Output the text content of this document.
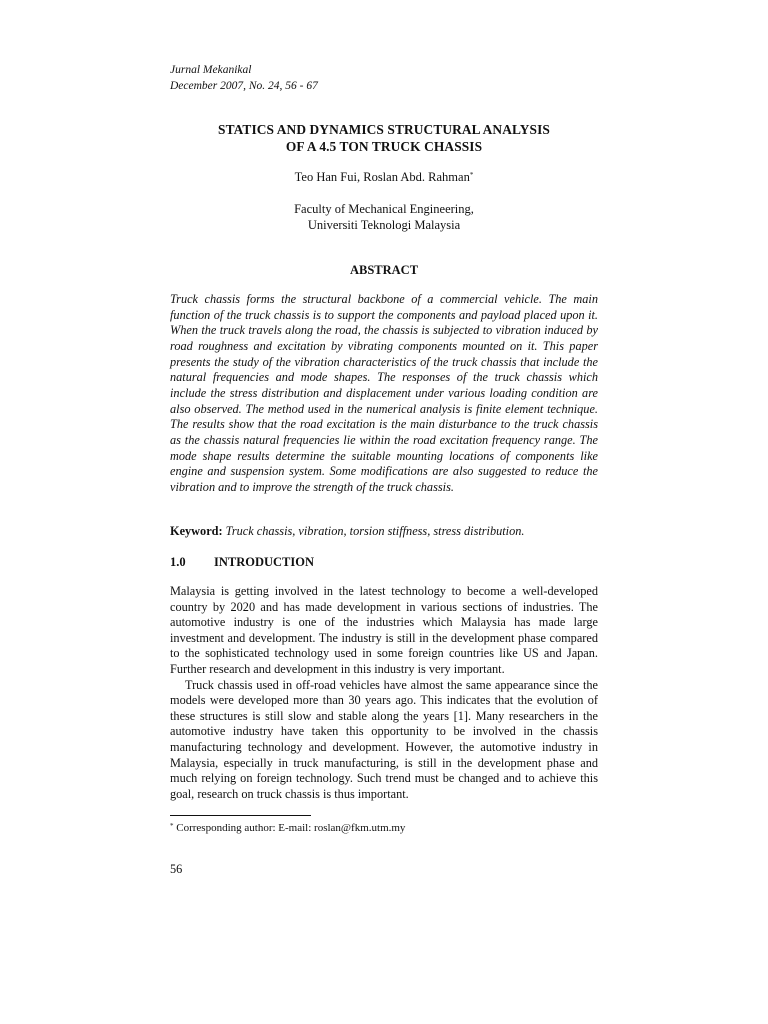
Jurnal Mekanikal
December 2007, No. 24, 56 - 67
STATICS AND DYNAMICS STRUCTURAL ANALYSIS
OF A 4.5 TON TRUCK CHASSIS
Teo Han Fui, Roslan Abd. Rahman*
Faculty of Mechanical Engineering,
Universiti Teknologi Malaysia
ABSTRACT

Truck chassis forms the structural backbone of a commercial vehicle. The main function of the truck chassis is to support the components and payload placed upon it. When the truck travels along the road, the chassis is subjected to vibration induced by road roughness and excitation by vibrating components mounted on it. This paper presents the study of the vibration characteristics of the truck chassis that include the natural frequencies and mode shapes. The responses of the truck chassis which include the stress distribution and displacement under various loading condition are also observed. The method used in the numerical analysis is finite element technique. The results show that the road excitation is the main disturbance to the truck chassis as the chassis natural frequencies lie within the road excitation frequency range. The mode shape results determine the suitable mounting locations of components like engine and suspension system. Some modifications are also suggested to reduce the vibration and to improve the strength of the truck chassis.

Keyword: Truck chassis, vibration, torsion stiffness, stress distribution.
1.0 INTRODUCTION

Malaysia is getting involved in the latest technology to become a well-developed country by 2020 and has made development in various sections of industries. The automotive industry is one of the industries which Malaysia has made large investment and development. The industry is still in the development phase compared to the sophisticated technology used in some foreign countries like US and Japan. Further research and development in this industry is very important.

Truck chassis used in off-road vehicles have almost the same appearance since the models were developed more than 30 years ago. This indicates that the evolution of these structures is still slow and stable along the years [1]. Many researchers in the automotive industry have taken this opportunity to be involved in the chassis manufacturing technology and development. However, the automotive industry in Malaysia, especially in truck manufacturing, is still in the development phase and much relying on foreign technology. Such trend must be changed and to achieve this goal, research on truck chassis is thus important.

* Corresponding author: E-mail: roslan@fkm.utm.my
56
